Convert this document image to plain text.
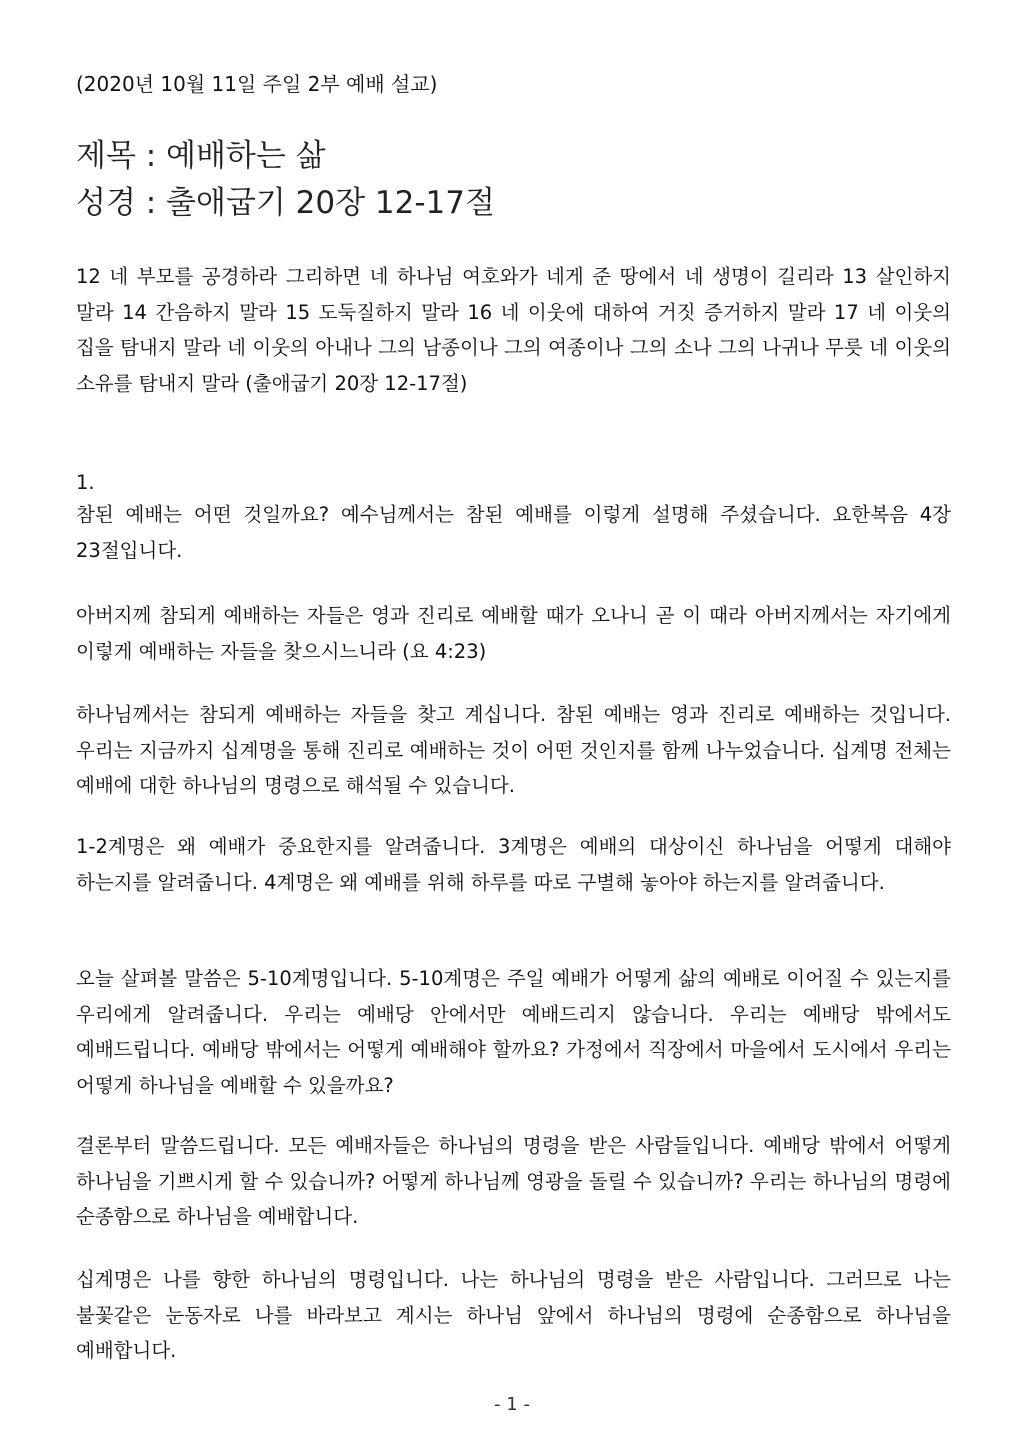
(2020년 10월 11일 주일 2부 예배 설교)
제목 : 예배하는 삶
성경 : 출애굽기 20장 12-17절
12 네 부모를 공경하라 그리하면 네 하나님 여호와가 네게 준 땅에서 네 생명이 길리라 13 살인하지 말라 14 간음하지 말라 15 도둑질하지 말라 16 네 이웃에 대하여 거짓 증거하지 말라 17 네 이웃의 집을 탐내지 말라 네 이웃의 아내나 그의 남종이나 그의 여종이나 그의 소나 그의 나귀나 무릇 네 이웃의 소유를 탐내지 말라 (출애굽기 20장 12-17절)
1.
참된 예배는 어떤 것일까요? 예수님께서는 참된 예배를 이렇게 설명해 주셨습니다. 요한복음 4장 23절입니다.
아버지께 참되게 예배하는 자들은 영과 진리로 예배할 때가 오나니 곧 이 때라 아버지께서는 자기에게 이렇게 예배하는 자들을 찾으시느니라 (요 4:23)
하나님께서는 참되게 예배하는 자들을 찾고 계십니다. 참된 예배는 영과 진리로 예배하는 것입니다. 우리는 지금까지 십계명을 통해 진리로 예배하는 것이 어떤 것인지를 함께 나누었습니다. 십계명 전체는 예배에 대한 하나님의 명령으로 해석될 수 있습니다.
1-2계명은 왜 예배가 중요한지를 알려줍니다. 3계명은 예배의 대상이신 하나님을 어떻게 대해야 하는지를 알려줍니다. 4계명은 왜 예배를 위해 하루를 따로 구별해 놓아야 하는지를 알려줍니다.
오늘 살펴볼 말씀은 5-10계명입니다. 5-10계명은 주일 예배가 어떻게 삶의 예배로 이어질 수 있는지를 우리에게 알려줍니다. 우리는 예배당 안에서만 예배드리지 않습니다. 우리는 예배당 밖에서도 예배드립니다. 예배당 밖에서는 어떻게 예배해야 할까요? 가정에서 직장에서 마을에서 도시에서 우리는 어떻게 하나님을 예배할 수 있을까요?
결론부터 말씀드립니다. 모든 예배자들은 하나님의 명령을 받은 사람들입니다. 예배당 밖에서 어떻게 하나님을 기쁘시게 할 수 있습니까? 어떻게 하나님께 영광을 돌릴 수 있습니까? 우리는 하나님의 명령에 순종함으로 하나님을 예배합니다.
십계명은 나를 향한 하나님의 명령입니다. 나는 하나님의 명령을 받은 사람입니다. 그러므로 나는 불꽃같은 눈동자로 나를 바라보고 계시는 하나님 앞에서 하나님의 명령에 순종함으로 하나님을 예배합니다.
- 1 -
